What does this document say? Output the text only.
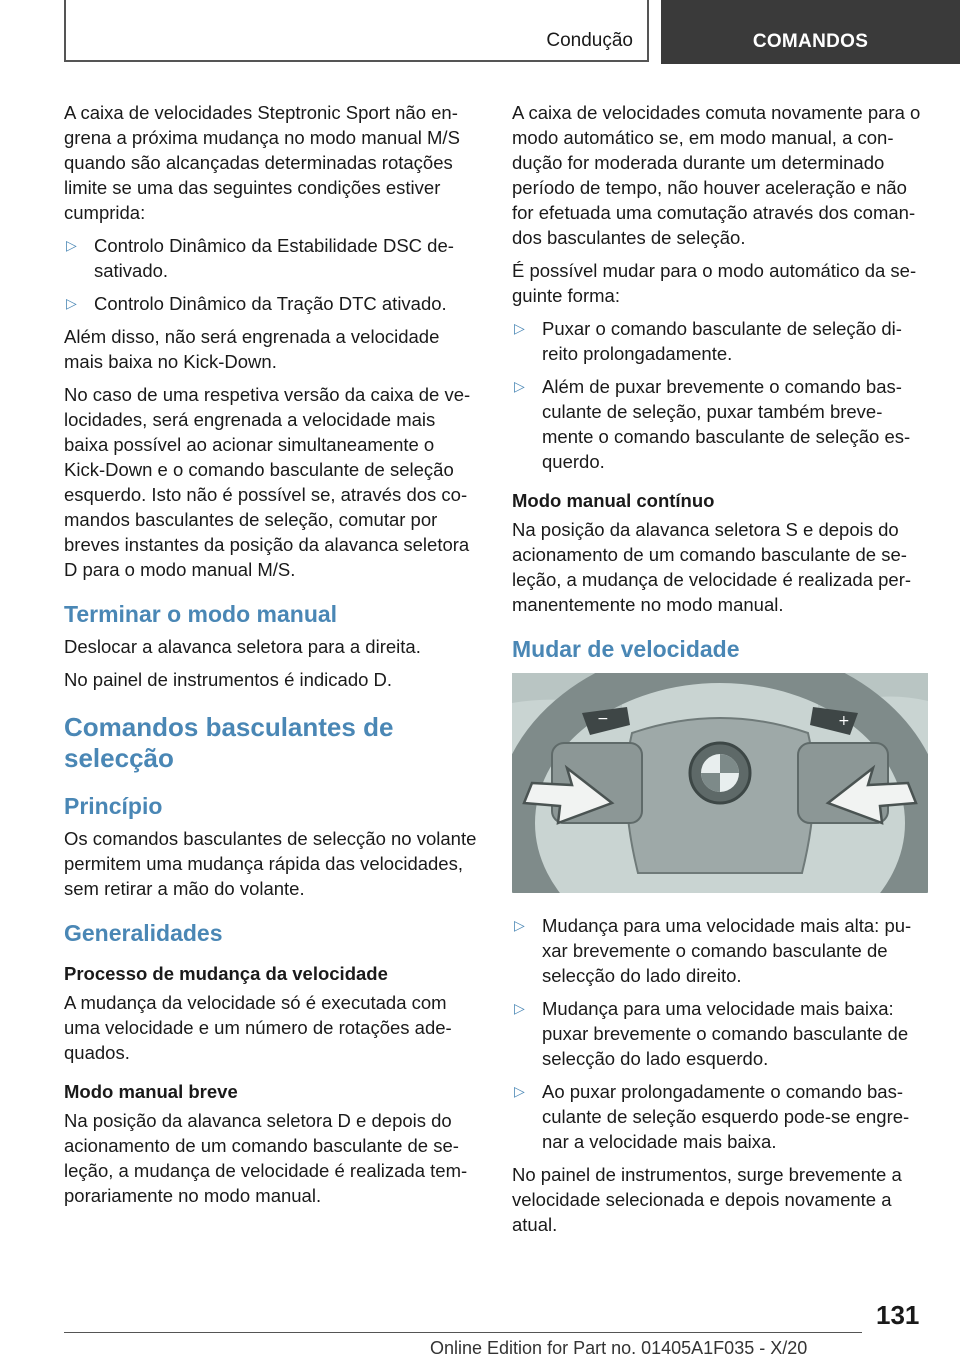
Condução	COMANDOS

A caixa de velocidades Steptronic Sport não engrena a próxima mudança no modo manual M/S quando são alcançadas determinadas rotações limite se uma das seguintes condições estiver cumprida:

▷ Controlo Dinâmico da Estabilidade DSC desativado.
▷ Controlo Dinâmico da Tração DTC ativado.

Além disso, não será engrenada a velocidade mais baixa no Kick-Down.

No caso de uma respetiva versão da caixa de velocidades, será engrenada a velocidade mais baixa possível ao acionar simultaneamente o Kick-Down e o comando basculante de seleção esquerdo. Isto não é possível se, através dos comandos basculantes de seleção, comutar por breves instantes da posição da alavanca seletora D para o modo manual M/S.

Terminar o modo manual

Deslocar a alavanca seletora para a direita.

No painel de instrumentos é indicado D.

Comandos basculantes de selecção
Princípio

Os comandos basculantes de selecção no volante permitem uma mudança rápida das velocidades, sem retirar a mão do volante.

Generalidades
Processo de mudança da velocidade

A mudança da velocidade só é executada com uma velocidade e um número de rotações adequados.

Modo manual breve

Na posição da alavanca seletora D e depois do acionamento de um comando basculante de seleção, a mudança de velocidade é realizada temporariamente no modo manual.

A caixa de velocidades comuta novamente para o modo automático se, em modo manual, a condução for moderada durante um determinado período de tempo, não houver aceleração e não for efetuada uma comutação através dos comandos basculantes de seleção.

É possível mudar para o modo automático da seguinte forma:

▷ Puxar o comando basculante de seleção direito prolongadamente.
▷ Além de puxar brevemente o comando basculante de seleção, puxar também brevemente o comando basculante de seleção esquerdo.
Modo manual contínuo

Na posição da alavanca seletora S e depois do acionamento de um comando basculante de seleção, a mudança de velocidade é realizada permanentemente no modo manual.

Mudar de velocidade
−	+
▷ Mudança para uma velocidade mais alta: puxar brevemente o comando basculante de selecção do lado direito.
▷ Mudança para uma velocidade mais baixa: puxar brevemente o comando basculante de selecção do lado esquerdo.
▷ Ao puxar prolongadamente o comando basculante de seleção esquerdo pode-se engrenar a velocidade mais baixa.

No painel de instrumentos, surge brevemente a velocidade selecionada e depois novamente a atual.

131
Online Edition for Part no. 01405A1F035 - X/20
